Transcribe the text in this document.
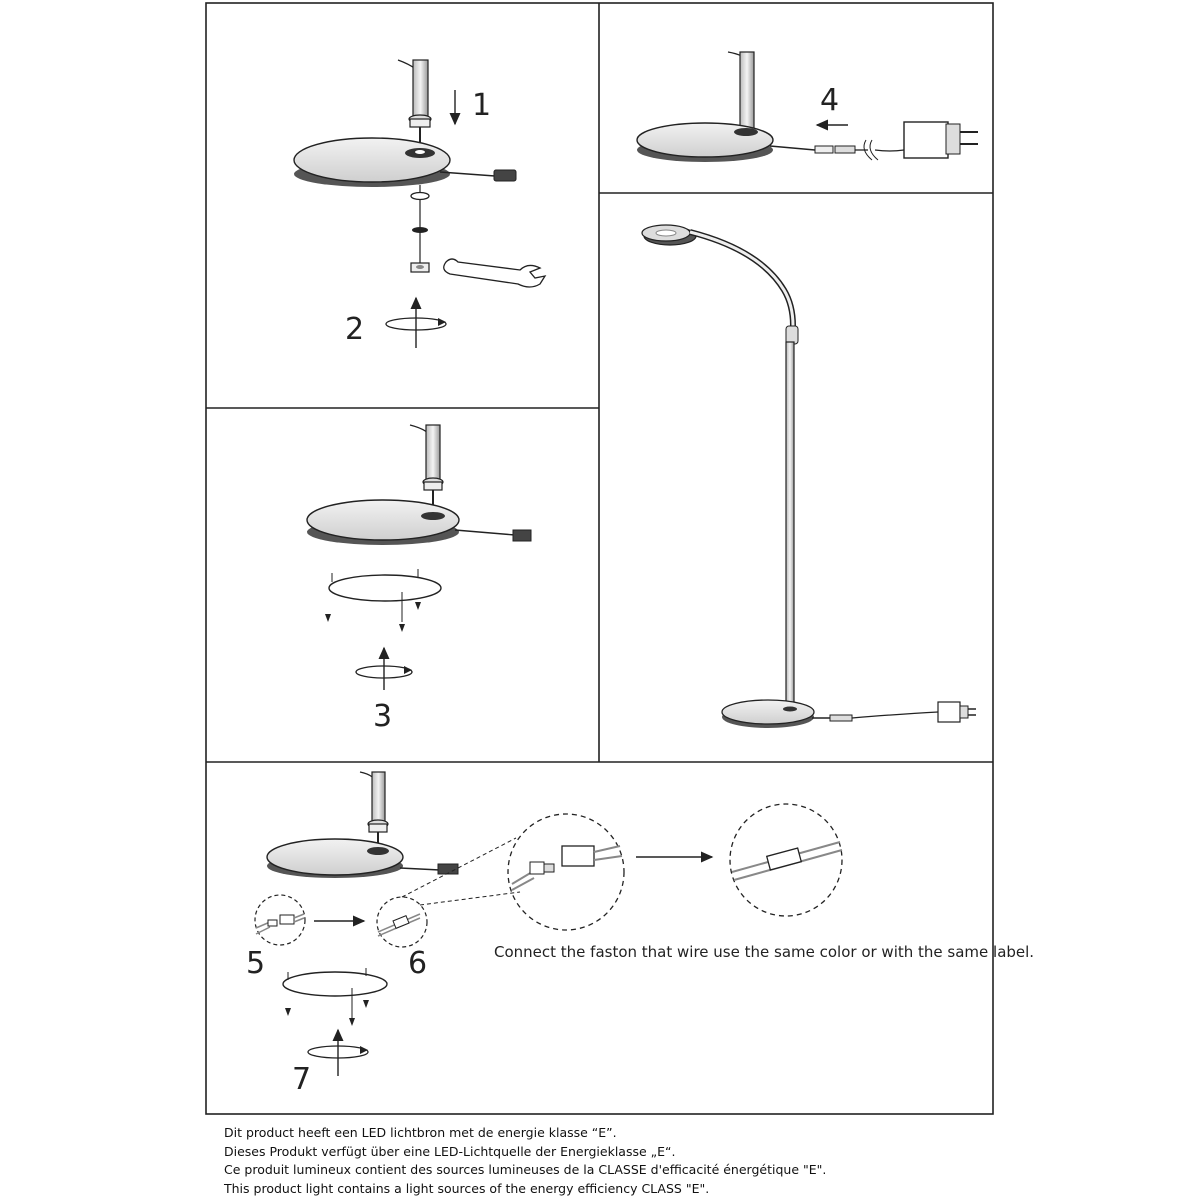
1
2
4
3
5	6	Connect the faston that wire use the same color or with the same label.
7
Dit product heeft een LED lichtbron met de energie klasse “E”.
Dieses Produkt verfügt über eine LED-Lichtquelle der Energieklasse „E“.
Ce produit lumineux contient des sources lumineuses de la CLASSE d'efficacité énergétique "E".
This product light contains a light sources of the energy efficiency CLASS "E".
